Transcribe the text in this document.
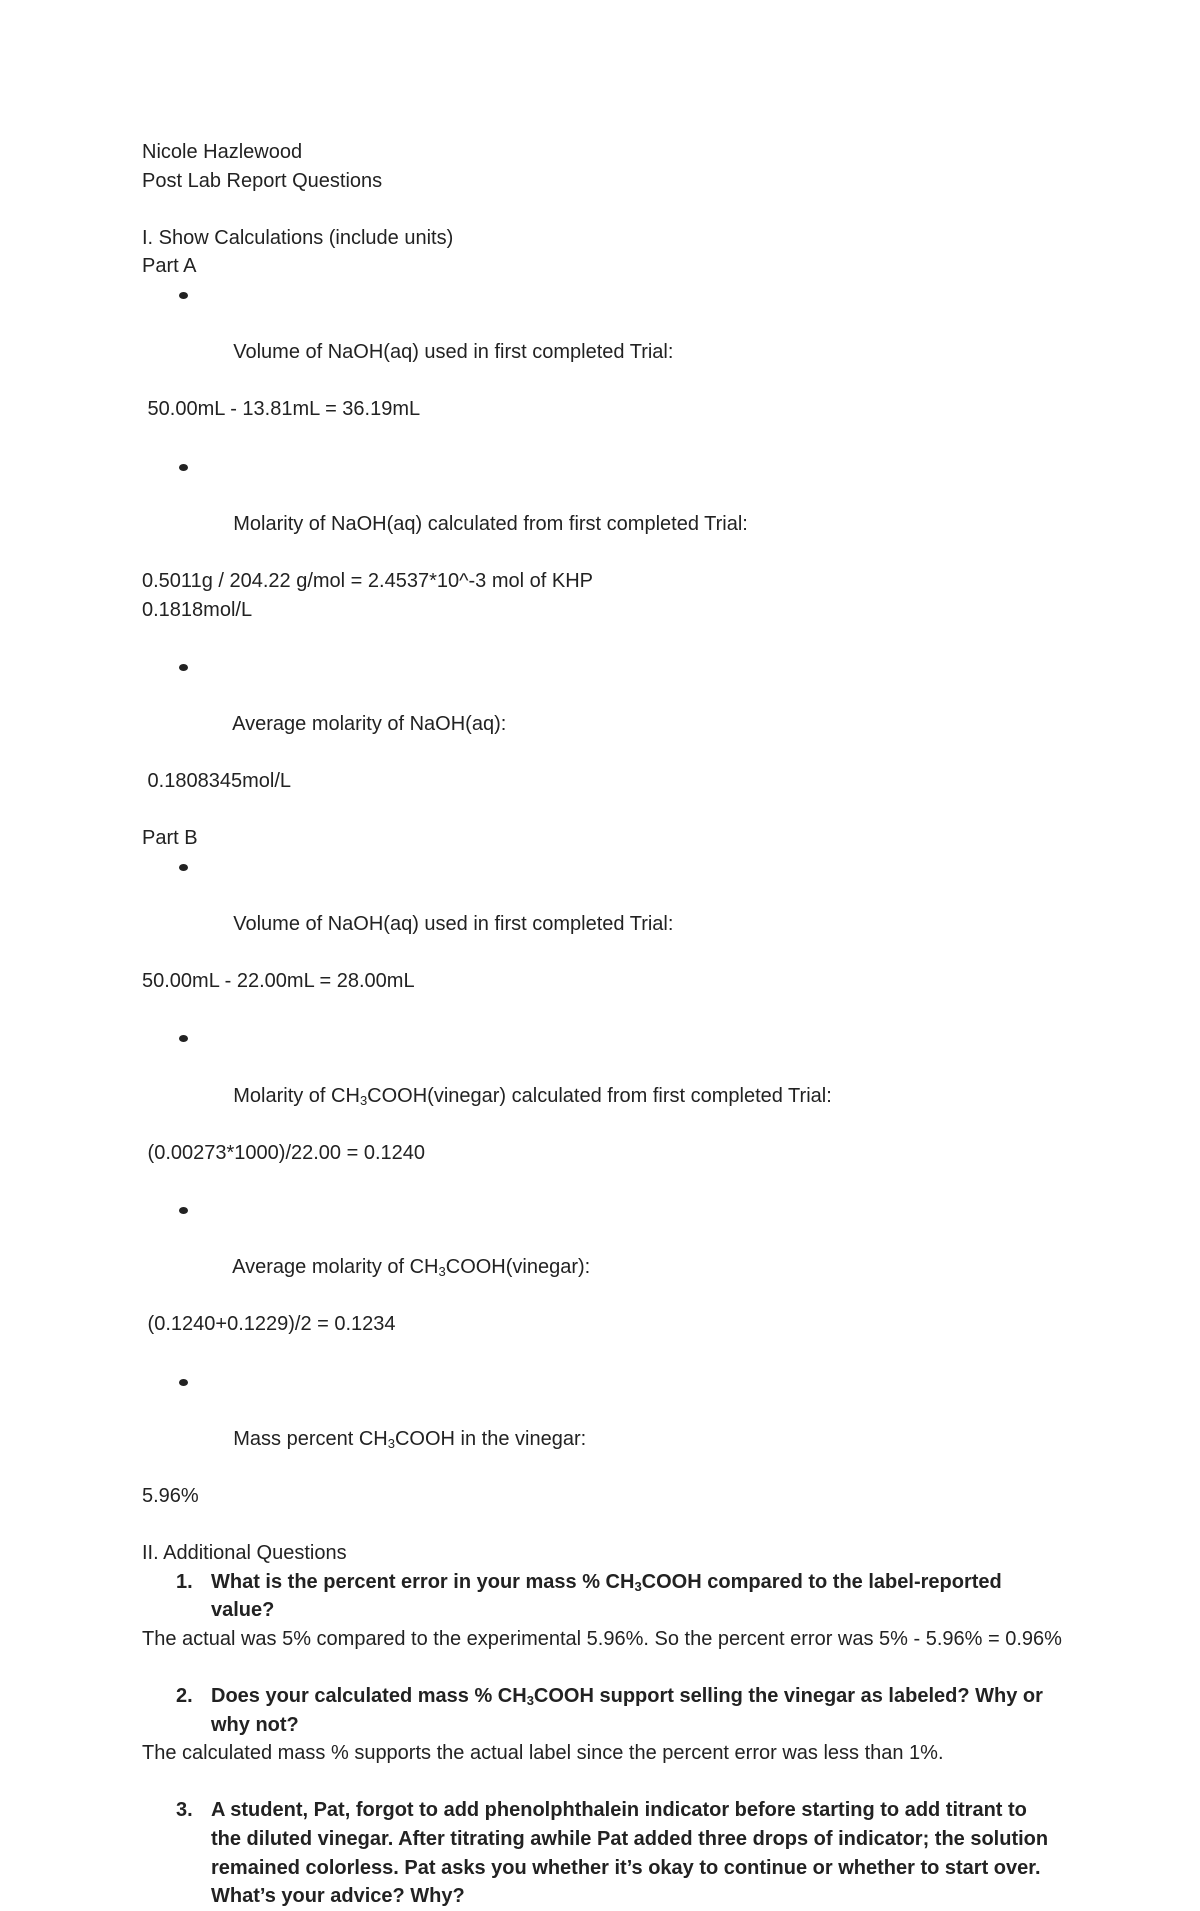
Nicole Hazlewood
Post Lab Report Questions
I. Show Calculations (include units)
Part A

Volume of NaOH(aq) used in first completed Trial:

50.00mL - 13.81mL = 36.19mL

Molarity of NaOH(aq) calculated from first completed Trial:

0.5011g / 204.22 g/mol = 2.4537*10^-3 mol of KHP
0.1818mol/L

Average molarity of NaOH(aq):

0.1808345mol/L
Part B

Volume of NaOH(aq) used in first completed Trial:

50.00mL - 22.00mL = 28.00mL

Molarity of $CH_3COOH(vinegar)$ calculated from first completed Trial:

(0.00273*1000)/22.00 = 0.1240

Average molarity of $CH_3COOH(vinegar)$:

(0.1240+0.1229)/2 = 0.1234

Mass percent $CH_3COOH$ in the vinegar:

5.96%
II. Additional Questions
1. What is the percent error in your mass % $CH_3COOH$ compared to the label-reported value?
The actual was 5% compared to the experimental 5.96%. So the percent error was 5% - 5.96% = 0.96%
2. Does your calculated mass % $CH_3COOH$ support selling the vinegar as labeled? Why or why not?
The calculated mass % supports the actual label since the percent error was less than 1%.
3. A student, Pat, forgot to add phenolphthalein indicator before starting to add titrant to the diluted vinegar. After titrating awhile Pat added three drops of indicator; the solution remained colorless. Pat asks you whether it’s okay to continue or whether to start over. What’s your advice? Why?
